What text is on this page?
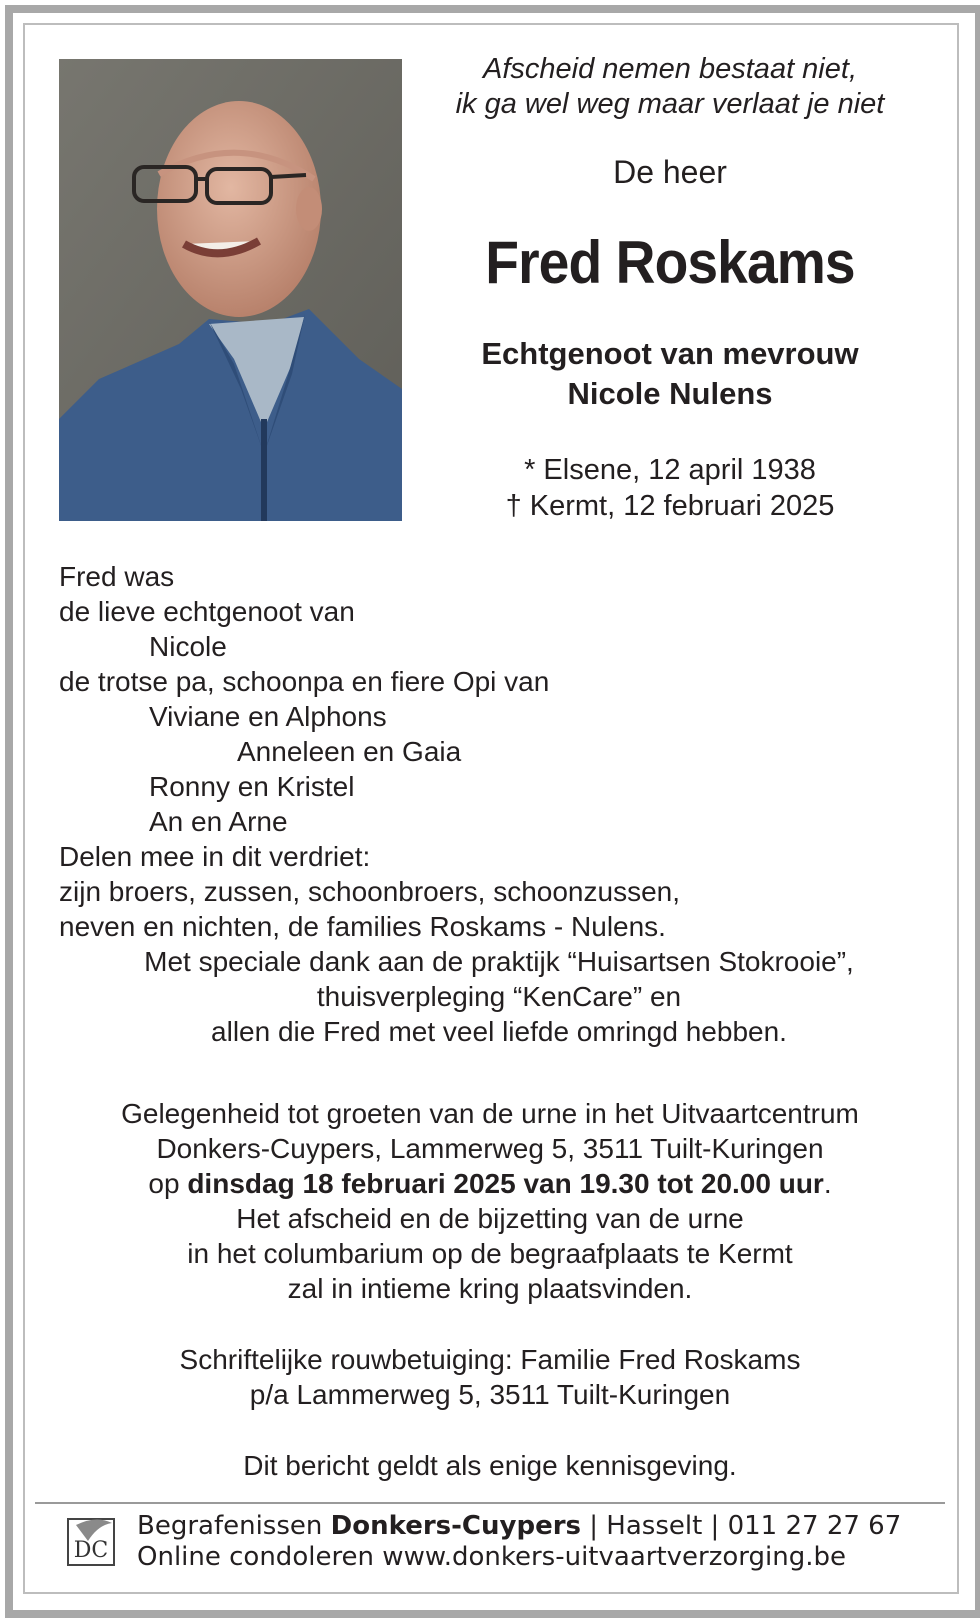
Afscheid nemen bestaat niet,
ik ga wel weg maar verlaat je niet
De heer
Fred Roskams
Echtgenoot van mevrouw
Nicole Nulens
* Elsene, 12 april 1938
† Kermt, 12 februari 2025
Fred was
de lieve echtgenoot van
Nicole
de trotse pa, schoonpa en fiere Opi van
Viviane en Alphons
Anneleen en Gaia
Ronny en Kristel
An en Arne
Delen mee in dit verdriet:
zijn broers, zussen, schoonbroers, schoonzussen,
neven en nichten, de families Roskams - Nulens.
Met speciale dank aan de praktijk “Huisartsen Stokrooie”,
thuisverpleging “KenCare” en
allen die Fred met veel liefde omringd hebben.
Gelegenheid tot groeten van de urne in het Uitvaartcentrum
Donkers-Cuypers, Lammerweg 5, 3511 Tuilt-Kuringen
op dinsdag 18 februari 2025 van 19.30 tot 20.00 uur.
Het afscheid en de bijzetting van de urne
in het columbarium op de begraafplaats te Kermt
zal in intieme kring plaatsvinden.
Schriftelijke rouwbetuiging: Familie Fred Roskams
p/a Lammerweg 5, 3511 Tuilt-Kuringen
Dit bericht geldt als enige kennisgeving.
DC
Begrafenissen Donkers-Cuypers | Hasselt | 011 27 27 67
Online condoleren www.donkers-uitvaartverzorging.be
